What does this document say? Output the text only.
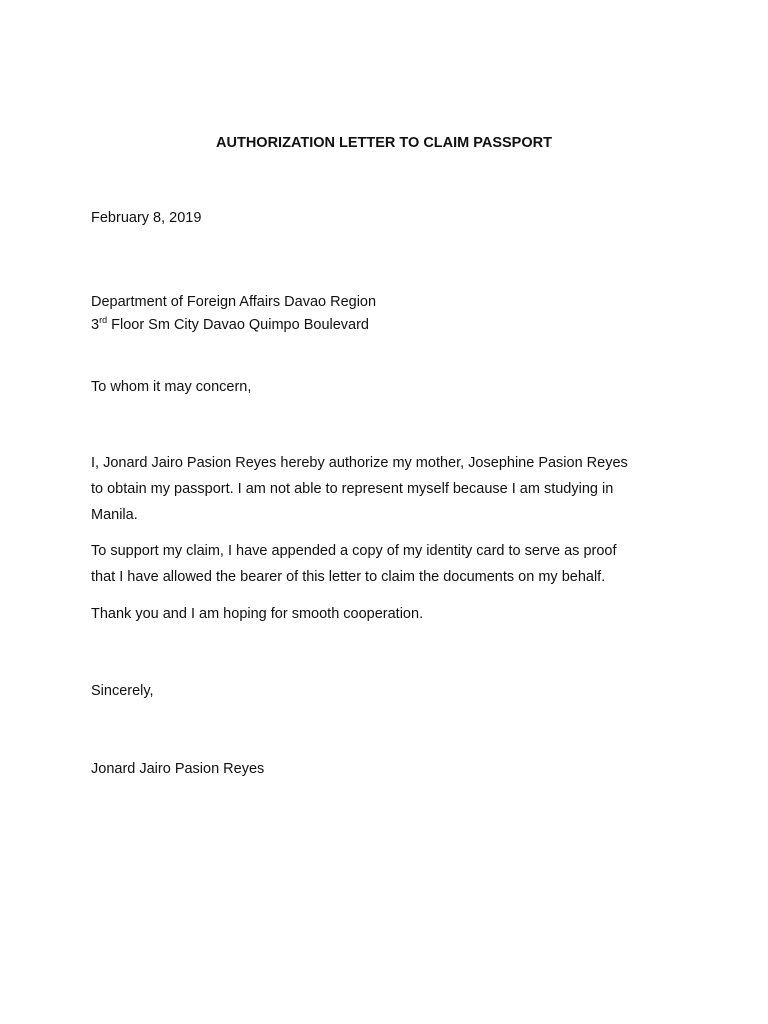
AUTHORIZATION LETTER TO CLAIM PASSPORT
February 8, 2019
Department of Foreign Affairs Davao Region
3rd Floor Sm City Davao Quimpo Boulevard
To whom it may concern,
I, Jonard Jairo Pasion Reyes hereby authorize my mother, Josephine Pasion Reyes
to obtain my passport. I am not able to represent myself because I am studying in
Manila.
To support my claim, I have appended a copy of my identity card to serve as proof
that I have allowed the bearer of this letter to claim the documents on my behalf.
Thank you and I am hoping for smooth cooperation.
Sincerely,
Jonard Jairo Pasion Reyes
